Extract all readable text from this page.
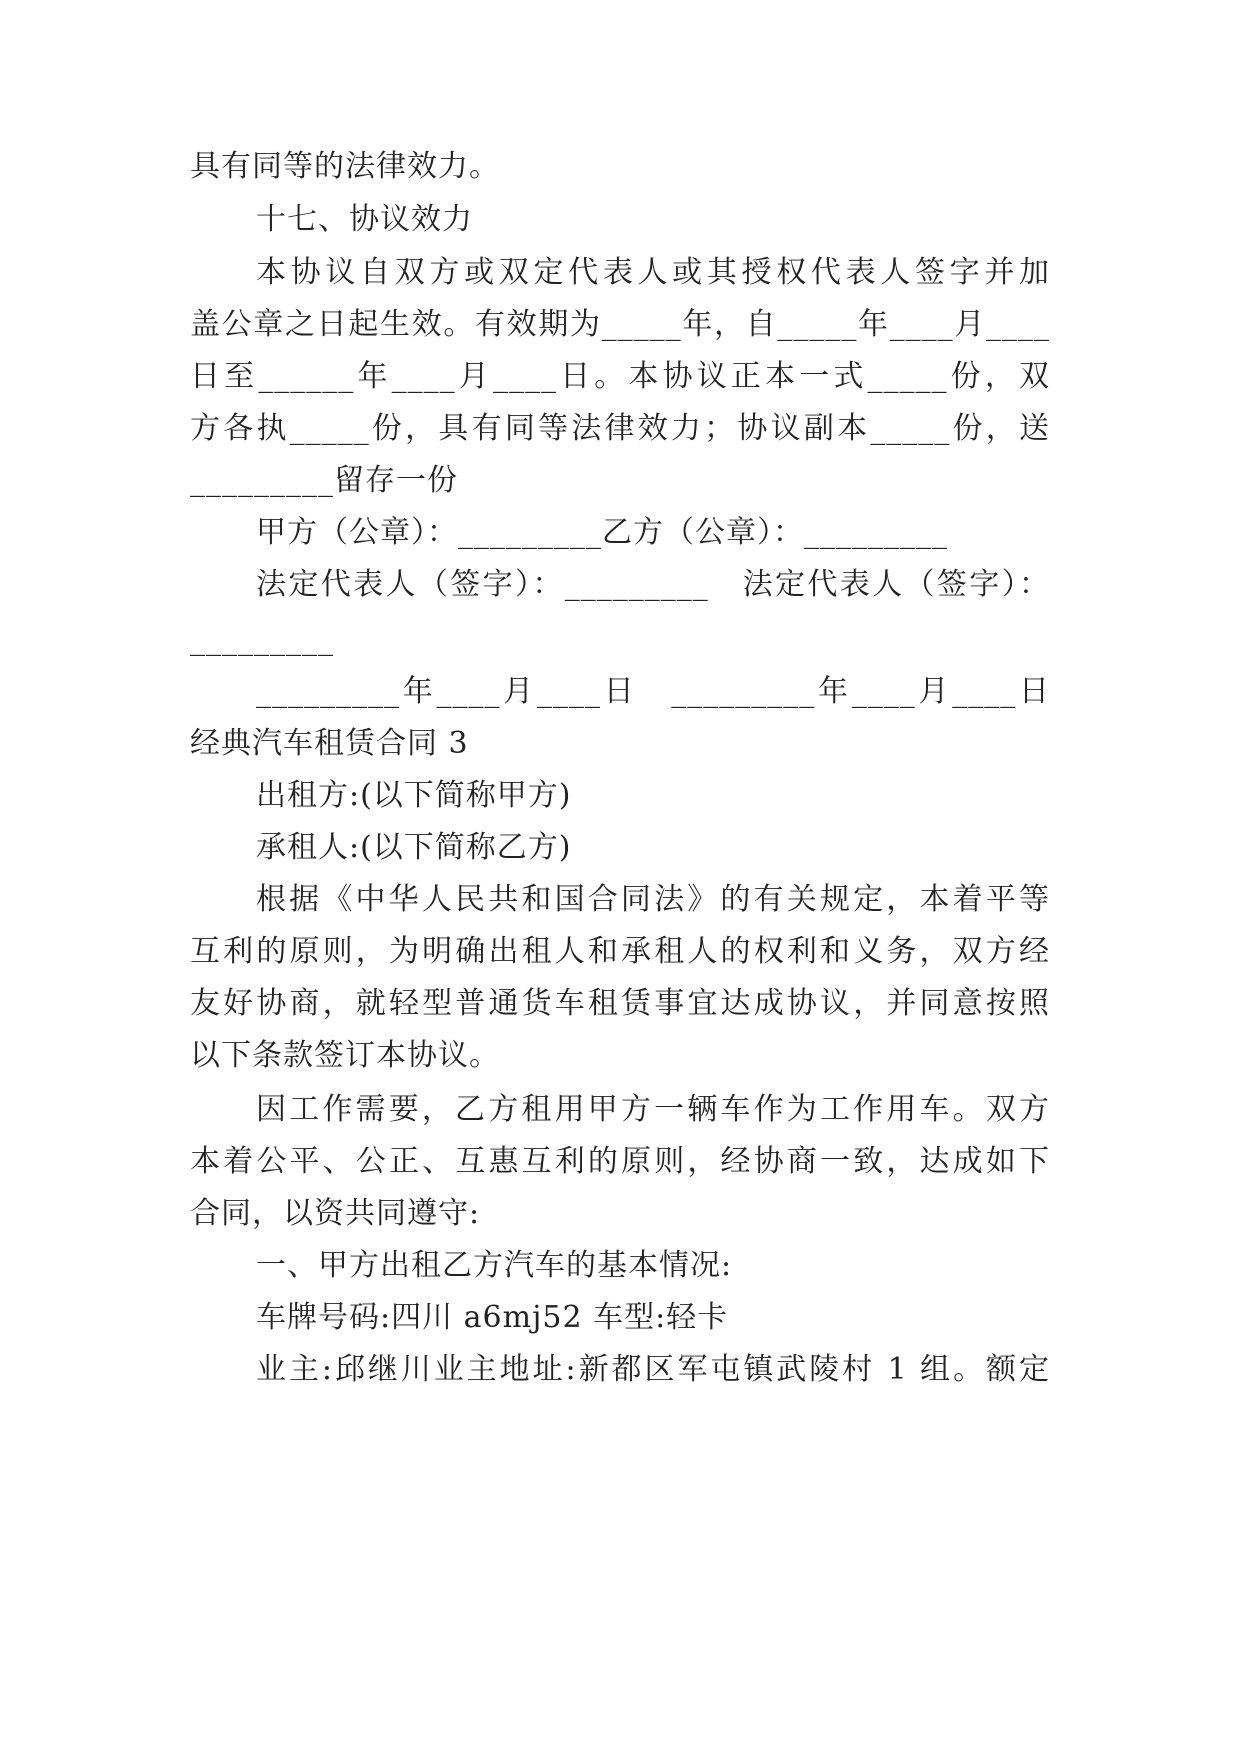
具有同等的法律效力。
十七、协议效力
本协议自双方或双定代表人或其授权代表人签字并加
盖公章之日起生效。有效期为_____年，自_____年____月____
日至______年____月____日。本协议正本一式_____份，双
方各执_____份，具有同等法律效力；协议副本_____份，送
_________留存一份
甲方（公章）：_________乙方（公章）：_________
法定代表人（签字）：_________　法定代表人（签字）：
_________
_________年____月____日　_________年____月____日
经典汽车租赁合同 3
出租方:(以下简称甲方)
承租人:(以下简称乙方)
根据《中华人民共和国合同法》的有关规定，本着平等
互利的原则，为明确出租人和承租人的权利和义务，双方经
友好协商，就轻型普通货车租赁事宜达成协议，并同意按照
以下条款签订本协议。
因工作需要，乙方租用甲方一辆车作为工作用车。双方
本着公平、公正、互惠互利的原则，经协商一致，达成如下
合同，以资共同遵守:
一、甲方出租乙方汽车的基本情况:
车牌号码:四川 a6mj52 车型:轻卡
业主:邱继川业主地址:新都区军屯镇武陵村 1 组。额定
